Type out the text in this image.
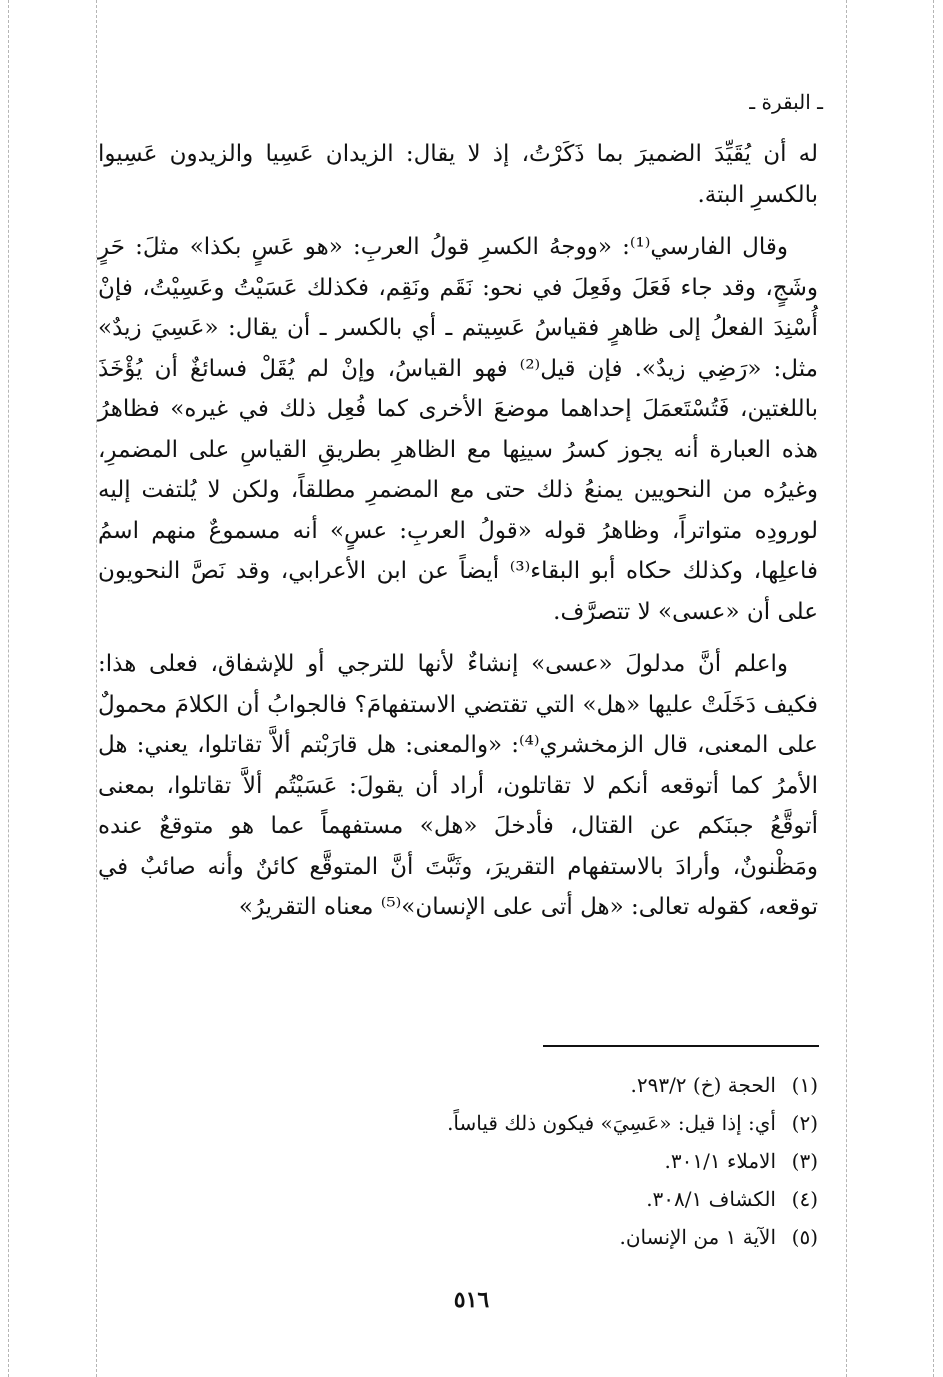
ـ البقرة ـ

له أن يُقَيِّدَ الضميرَ بما ذَكَرْتُ، إذ لا يقال: الزيدان عَسِيا والزيدون عَسِيوا بالكسرِ البتة.

وقال الفارسي⁽¹⁾: «ووجهُ الكسرِ قولُ العربِ: «هو عَسٍ بكذا» مثلَ: حَرٍ وشَجٍ، وقد جاء فَعَلَ وفَعِلَ في نحو: نَقَم ونَقِم، فكذلك عَسَيْتُ وعَسِيْتُ، فإنْ أُسْنِدَ الفعلُ إلى ظاهرٍ فقياسُ عَسِيتم ـ أي بالكسر ـ أن يقال: «عَسِيَ زيدٌ» مثل: «رَضِي زيدٌ». فإن قيل⁽²⁾ فهو القياسُ، وإنْ لم يُقَلْ فسائغٌ أن يُؤْخَذَ باللغتين، فَتُسْتَعمَلَ إحداهما موضعَ الأخرى كما فُعِل ذلك في غيره» فظاهرُ هذه العبارة أنه يجوز كسرُ سينِها مع الظاهرِ بطريقِ القياسِ على المضمرِ، وغيرُه من النحويين يمنعُ ذلك حتى مع المضمرِ مطلقاً، ولكن لا يُلتفت إليه لورودِه متواتراً، وظاهرُ قوله «قولُ العربِ: عسٍ» أنه مسموعٌ منهم اسمُ فاعلِها، وكذلك حكاه أبو البقاء⁽³⁾ أيضاً عن ابن الأعرابي، وقد نَصَّ النحويون على أن «عسى» لا تتصرَّف.

واعلم أنَّ مدلولَ «عسى» إنشاءٌ لأنها للترجي أو للإشفاق، فعلى هذا: فكيف دَخَلَتْ عليها «هل» التي تقتضي الاستفهامَ؟ فالجوابُ أن الكلامَ محمولٌ على المعنى، قال الزمخشري⁽⁴⁾: «والمعنى: هل قارَبْتم ألاَّ تقاتلوا، يعني: هل الأمرُ كما أتوقعه أنكم لا تقاتلون، أراد أن يقولَ: عَسَيْتُم ألاَّ تقاتلوا، بمعنى أتوقَّعُ جبنَكم عن القتال، فأدخلَ «هل» مستفهماً عما هو متوقعٌ عنده ومَظْنونٌ، وأرادَ بالاستفهام التقريرَ، وثَبَّتَ أنَّ المتوقَّع كائنٌ وأنه صائبٌ في توقعه، كقوله تعالى: «هل أتى على الإنسان»⁽⁵⁾ معناه التقريرُ»

(١)
الحجة (خ) ٢٩٣/٢.
(٢)
أي: إذا قيل: «عَسِيَ» فيكون ذلك قياساً.
(٣)
الاملاء ٣٠١/١.
(٤)
الكشاف ٣٠٨/١.
(٥)
الآية ١ من الإنسان.
٥١٦
